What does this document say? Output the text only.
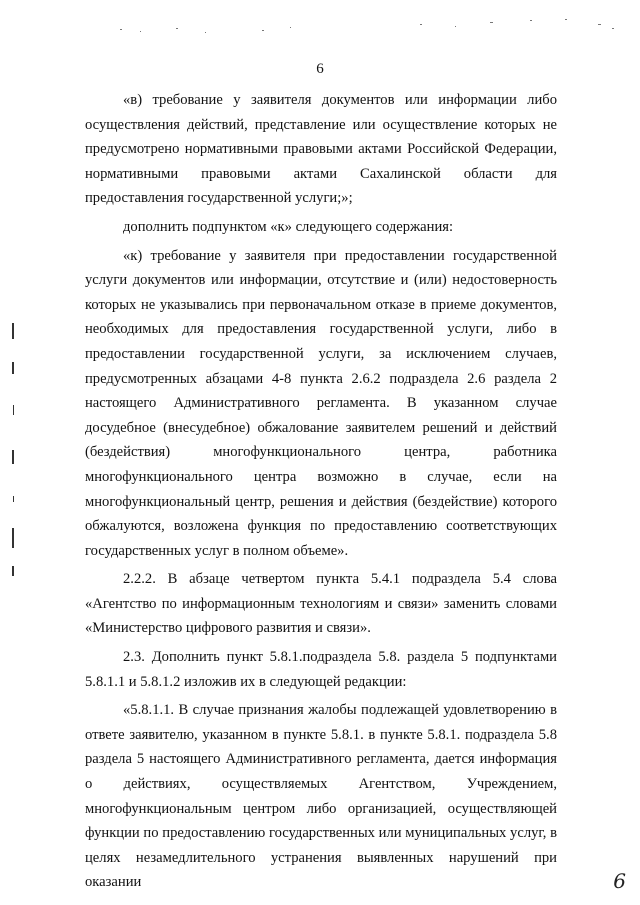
6

«в) требование у заявителя документов или информации либо осуществления действий, представление или осуществление которых не предусмотрено нормативными правовыми актами Российской Федерации, нормативными правовыми актами Сахалинской области для предоставления государственной услуги;»;

дополнить подпунктом «к» следующего содержания:

«к) требование у заявителя при предоставлении государственной услуги документов или информации, отсутствие и (или) недостоверность которых не указывались при первоначальном отказе в приеме документов, необходимых для предоставления государственной услуги, либо в предоставлении государственной услуги, за исключением случаев, предусмотренных абзацами 4-8 пункта 2.6.2 подраздела 2.6 раздела 2 настоящего Административного регламента. В указанном случае досудебное (внесудебное) обжалование заявителем решений и действий (бездействия) многофункционального центра, работника многофункционального центра возможно в случае, если на многофункциональный центр, решения и действия (бездействие) которого обжалуются, возложена функция по предоставлению соответствующих государственных услуг в полном объеме».

2.2.2. В абзаце четвертом пункта 5.4.1 подраздела 5.4 слова «Агентство по информационным технологиям и связи» заменить словами «Министерство цифрового развития и связи».

2.3. Дополнить пункт 5.8.1.подраздела 5.8. раздела 5 подпунктами 5.8.1.1 и 5.8.1.2 изложив их в следующей редакции:

«5.8.1.1. В случае признания жалобы подлежащей удовлетворению в ответе заявителю, указанном в пункте 5.8.1. в пункте 5.8.1. подраздела 5.8 раздела 5 настоящего Административного регламента, дается информация о действиях, осуществляемых Агентством, Учреждением, многофункциональным центром либо организацией, осуществляющей функции по предоставлению государственных или муниципальных услуг, в целях незамедлительного устранения выявленных нарушений при оказании	6
